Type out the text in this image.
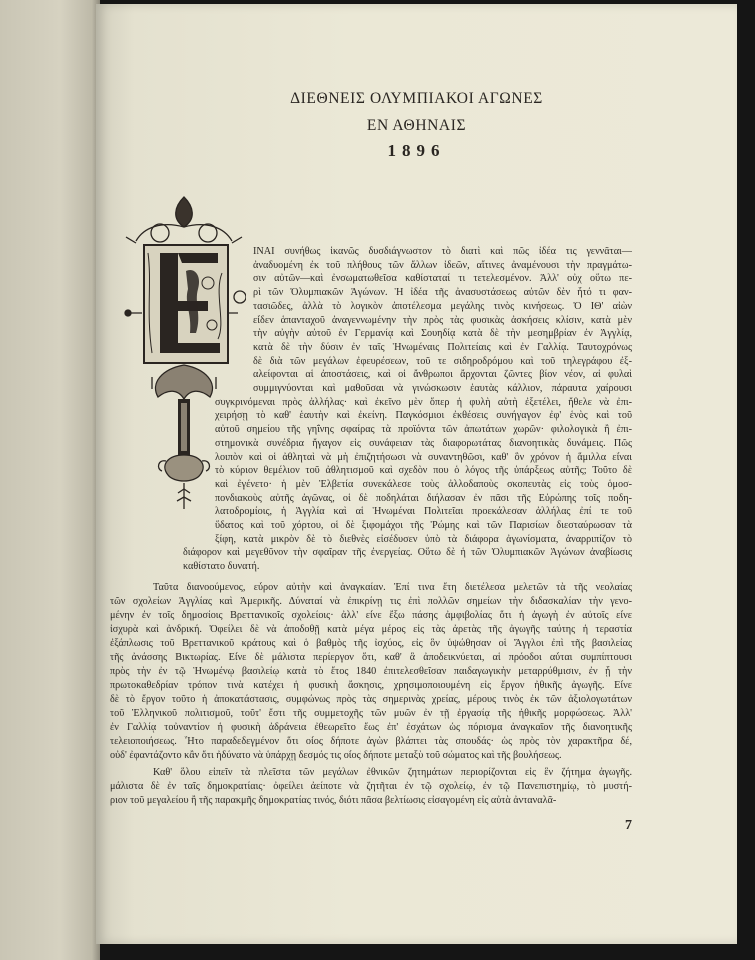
ΔΙΕΘΝΕΙΣ ΟΛΥΜΠΙΑΚΟΙ ΑΓΩΝΕΣ
ΕΝ ΑΘΗΝΑΙΣ
1896
ΙΝΑΙ συνήθως ἱκανῶς δυσδιάγνωστον τὸ διατὶ καὶ πῶς ἰδέα τις γεννᾶται—
ἀναδυομένη ἐκ τοῦ πλήθους τῶν ἄλλων ἰδεῶν, αἵτινες ἀναμένουσι τὴν πραγμάτω-
σιν αὐτῶν—καὶ ἐνσωματωθεῖσα καθίσταταί τι τετελεσμένον. Ἀλλ' οὐχ οὕτω πε-
ρὶ τῶν Ὀλυμπιακῶν Ἀγώνων. Ἡ ἰδέα τῆς ἀνασυστάσεως αὐτῶν δὲν ἦτό τι φαν-
τασιῶδες, ἀλλὰ τὸ λογικὸν ἀποτέλεσμα μεγάλης τινὸς κινήσεως. Ὁ ΙΘ' αἰὼν
εἶδεν ἁπανταχοῦ ἀναγεννωμένην τὴν πρὸς τὰς φυσικὰς ἀσκήσεις κλίσιν, κατὰ μὲν
τὴν αὐγὴν αὐτοῦ ἐν Γερμανίᾳ καὶ Σουηδίᾳ κατὰ δὲ τὴν μεσημβρίαν ἐν Ἀγγλίᾳ,
κατὰ δὲ τὴν δύσιν ἐν ταῖς Ἡνωμέναις Πολιτείαις καὶ ἐν Γαλλίᾳ. Ταυτοχρόνως
δὲ διὰ τῶν μεγάλων ἐφευρέσεων, τοῦ τε σιδηροδρόμου καὶ τοῦ τηλεγράφου ἐξ-
αλείφονται αἱ ἀποστάσεις, καὶ οἱ ἄνθρωποι ἄρχονται ζῶντες βίον νέον, αἱ φυλαὶ
συμμιγνύονται καὶ μαθοῦσαι νὰ γινώσκωσιν ἑαυτὰς κάλλιον, πάραυτα χαίρουσι
συγκρινόμεναι πρὸς ἀλλήλας· καὶ ἐκεῖνο μὲν ὅπερ ἡ φυλὴ αὐτὴ ἐξετέλει, ἤθελε νὰ ἐπι-
χειρήσῃ τὸ καθ' ἑαυτὴν καὶ ἐκείνη. Παγκόσμιοι ἐκθέσεις συνήγαγον ἐφ' ἑνὸς καὶ τοῦ
αὐτοῦ σημείου τῆς γηΐνης σφαίρας τὰ προϊόντα τῶν ἀπωτάτων χωρῶν· φιλολογικὰ ἢ ἐπι-
στημονικὰ συνέδρια ἤγαγον εἰς συνάφειαν τὰς διαφορωτάτας διανοητικὰς δυνάμεις. Πῶς
λοιπὸν καὶ οἱ ἀθληταὶ νὰ μὴ ἐπιζητήσωσι νὰ συναντηθῶσι, καθ' ὃν χρόνον ἡ ἅμιλλα εἶναι
τὸ κύριον θεμέλιον τοῦ ἀθλητισμοῦ καὶ σχεδὸν που ὁ λόγος τῆς ὑπάρξεως αὐτῆς; Τοῦτο δὲ
καὶ ἐγένετο· ἡ μὲν Ἑλβετία συνεκάλεσε τοὺς ἀλλοδαποὺς σκοπευτὰς εἰς τοὺς ὁμοσ-
πονδιακοὺς αὐτῆς ἀγῶνας, οἱ δὲ ποδηλάται διήλασαν ἐν πᾶσι τῆς Εὐρώπης τοῖς ποδη-
λατοδρομίοις, ἡ Ἀγγλία καὶ αἱ Ἡνωμέναι Πολιτεῖαι προεκάλεσαν ἀλλήλας ἐπί τε τοῦ
ὕδατος καὶ τοῦ χόρτου, οἱ δὲ ξιφομάχοι τῆς Ῥώμης καὶ τῶν Παρισίων διεσταύρωσαν τὰ
ξίφη, κατὰ μικρὸν δὲ τὸ διεθνὲς εἰσέδυσεν ὑπὸ τὰ διάφορα ἀγωνίσματα, ἀναρριπίζον τὸ
διάφορον καὶ μεγεθῦνον τὴν σφαῖραν τῆς ἐνεργείας. Οὕτω δὲ ἡ τῶν Ὀλυμπιακῶν Ἀγώνων ἀναβίωσις
καθίστατο δυνατή.
Ταῦτα διανοούμενος, εὗρον αὐτὴν καὶ ἀναγκαίαν. Ἐπί τινα ἔτη διετέλεσα μελετῶν τὰ τῆς νεολαίας
τῶν σχολείων Ἀγγλίας καὶ Ἀμερικῆς. Δύναταί νὰ ἐπικρίνῃ τις ἐπὶ πολλῶν σημείων τὴν διδασκαλίαν τὴν γενο-
μένην ἐν τοῖς δημοσίοις Βρεττανικοῖς σχολείοις· ἀλλ' εἶνε ἔξω πάσης ἀμφιβολίας ὅτι ἡ ἀγωγὴ ἐν αὐτοῖς εἶνε
ἰσχυρὰ καὶ ἀνδρική. Ὀφείλει δὲ νὰ ἀποδοθῇ κατὰ μέγα μέρος εἰς τὰς ἀρετὰς τῆς ἀγωγῆς ταύτης ἡ τεραστία
ἐξάπλωσις τοῦ Βρεττανικοῦ κράτους καὶ ὁ βαθμὸς τῆς ἰσχύος, εἰς ὃν ὑψώθησαν οἱ Ἄγγλοι ἐπὶ τῆς βασιλείας
τῆς ἀνάσσης Βικτωρίας. Εἶνε δὲ μάλιστα περίεργον ὅτι, καθ' ἃ ἀποδεικνύεται, αἱ πρόοδοι αὗται συμπίπτουσι
πρὸς τὴν ἐν τῷ Ἡνωμένῳ βασιλείῳ κατὰ τὸ ἔτος 1840 ἐπιτελεσθεῖσαν παιδαγωγικὴν μεταρρύθμισιν, ἐν ᾗ τὴν
πρωτοκαθεδρίαν τρόπον τινὰ κατέχει ἡ φυσικὴ ἄσκησις, χρησιμοποιουμένη εἰς ἔργον ἠθικῆς ἀγωγῆς. Εἶνε
δὲ τὸ ἔργον τοῦτο ἡ ἀποκατάστασις, συμφώνως πρὸς τὰς σημερινὰς χρείας, μέρους τινὸς ἐκ τῶν ἀξιολογωτάτων
τοῦ Ἑλληνικοῦ πολιτισμοῦ, τοῦτ' ἔστι τῆς συμμετοχῆς τῶν μυῶν ἐν τῇ ἐργασίᾳ τῆς ἠθικῆς μορφώσεως. Ἀλλ'
ἐν Γαλλίᾳ τοὐναντίον ἡ φυσικὴ ἀδράνεια ἐθεωρεῖτο ἕως ἐπ' ἐσχάτων ὡς πόρισμα ἀναγκαῖον τῆς διανοητικῆς
τελειοποιήσεως. Ἦτο παραδεδεγμένον ὅτι οἷος δήποτε ἀγὼν βλάπτει τὰς σπουδάς· ὡς πρὸς τὸν χαρακτῆρα δέ,
οὐδ' ἐφαντάζοντο κἂν ὅτι ἠδύνατο νὰ ὑπάρχῃ δεσμός τις οἷος δήποτε μεταξὺ τοῦ σώματος καὶ τῆς βουλήσεως.
Καθ' ὅλου εἰπεῖν τὰ πλεῖστα τῶν μεγάλων ἐθνικῶν ζητημάτων περιορίζονται εἰς ἓν ζήτημα ἀγωγῆς.
μάλιστα δὲ ἐν ταῖς δημοκρατίαις· ὀφείλει ἀείποτε νὰ ζητῆται ἐν τῷ σχολείῳ, ἐν τῷ Πανεπιστημίῳ, τὸ μυστή-
ριον τοῦ μεγαλείου ἢ τῆς παρακμῆς δημοκρατίας τινός, διότι πᾶσα βελτίωσις εἰσαγομένη εἰς αὐτὰ ἀνταναλᾶ-
7
